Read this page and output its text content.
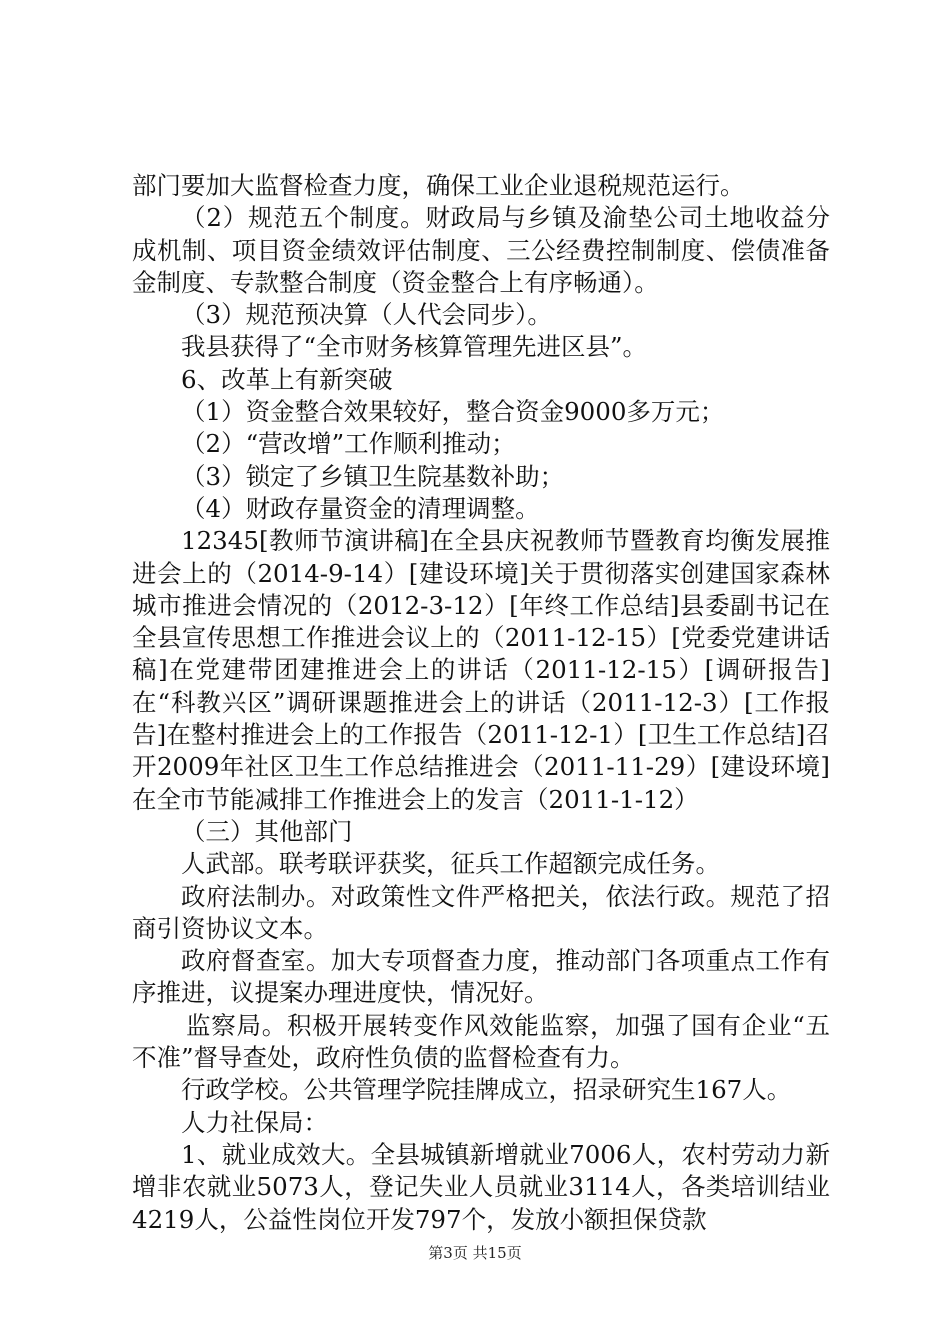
部门要加大监督检查力度，确保工业企业退税规范运行。

（2）规范五个制度。财政局与乡镇及渝垫公司土地收益分成机制、项目资金绩效评估制度、三公经费控制制度、偿债准备金制度、专款整合制度（资金整合上有序畅通）。

（3）规范预决算（人代会同步）。

我县获得了“全市财务核算管理先进区县”。

6、改革上有新突破

（1）资金整合效果较好，整合资金9000多万元；

（2）“营改增”工作顺利推动；

（3）锁定了乡镇卫生院基数补助；

（4）财政存量资金的清理调整。

12345[教师节演讲稿]在全县庆祝教师节暨教育均衡发展推进会上的（2014-9-14）[建设环境]关于贯彻落实创建国家森林城市推进会情况的（2012-3-12）[年终工作总结]县委副书记在全县宣传思想工作推进会议上的（2011-12-15）[党委党建讲话稿]在党建带团建推进会上的讲话（2011-12-15）[调研报告]在“科教兴区”调研课题推进会上的讲话（2011-12-3）[工作报告]在整村推进会上的工作报告（2011-12-1）[卫生工作总结]召开2009年社区卫生工作总结推进会（2011-11-29）[建设环境]在全市节能减排工作推进会上的发言（2011-1-12）

（三）其他部门

人武部。联考联评获奖，征兵工作超额完成任务。

政府法制办。对政策性文件严格把关，依法行政。规范了招商引资协议文本。

政府督查室。加大专项督查力度，推动部门各项重点工作有序推进，议提案办理进度快，情况好。

监察局。积极开展转变作风效能监察，加强了国有企业“五不准”督导查处，政府性负债的监督检查有力。

行政学校。公共管理学院挂牌成立，招录研究生167人。

人力社保局：

1、就业成效大。全县城镇新增就业7006人，农村劳动力新增非农就业5073人，登记失业人员就业3114人，各类培训结业4219人，公益性岗位开发797个，发放小额担保贷款

第3页 共15页
